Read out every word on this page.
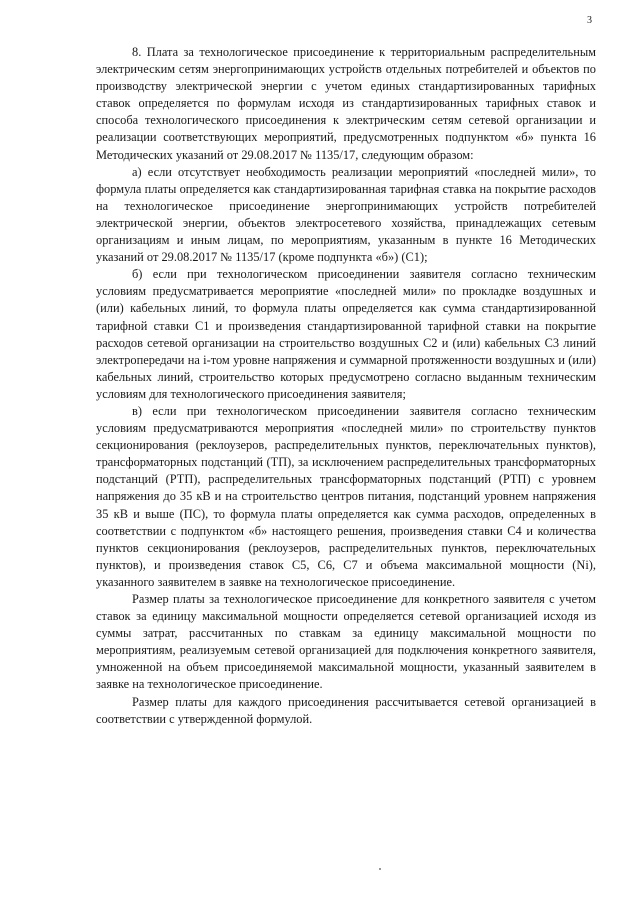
3

8. Плата за технологическое присоединение к территориальным распределительным электрическим сетям энергопринимающих устройств отдельных потребителей и объектов по производству электрической энергии с учетом единых стандартизированных тарифных ставок определяется по формулам исходя из стандартизированных тарифных ставок и способа технологического присоединения к электрическим сетям сетевой организации и реализации соответствующих мероприятий, предусмотренных подпунктом «б» пункта 16 Методических указаний от 29.08.2017 № 1135/17, следующим образом:

а) если отсутствует необходимость реализации мероприятий «последней мили», то формула платы определяется как стандартизированная тарифная ставка на покрытие расходов на технологическое присоединение энергопринимающих устройств потребителей электрической энергии, объектов электросетевого хозяйства, принадлежащих сетевым организациям и иным лицам, по мероприятиям, указанным в пункте 16 Методических указаний от 29.08.2017 № 1135/17 (кроме подпункта «б») (С1);

б) если при технологическом присоединении заявителя согласно техническим условиям предусматривается мероприятие «последней мили» по прокладке воздушных и (или) кабельных линий, то формула платы определяется как сумма стандартизированной тарифной ставки С1 и произведения стандартизированной тарифной ставки на покрытие расходов сетевой организации на строительство воздушных С2 и (или) кабельных С3 линий электропередачи на i-том уровне напряжения и суммарной протяженности воздушных и (или) кабельных линий, строительство которых предусмотрено согласно выданным техническим условиям для технологического присоединения заявителя;

в) если при технологическом присоединении заявителя согласно техническим условиям предусматриваются мероприятия «последней мили» по строительству пунктов секционирования (реклоузеров, распределительных пунктов, переключательных пунктов), трансформаторных подстанций (ТП), за исключением распределительных трансформаторных подстанций (РТП), распределительных трансформаторных подстанций (РТП) с уровнем напряжения до 35 кВ и на строительство центров питания, подстанций уровнем напряжения 35 кВ и выше (ПС), то формула платы определяется как сумма расходов, определенных в соответствии с подпунктом «б» настоящего решения, произведения ставки С4 и количества пунктов секционирования (реклоузеров, распределительных пунктов, переключательных пунктов), и произведения ставок С5, С6, С7 и объема максимальной мощности (Ni), указанного заявителем в заявке на технологическое присоединение.

Размер платы за технологическое присоединение для конкретного заявителя с учетом ставок за единицу максимальной мощности определяется сетевой организацией исходя из суммы затрат, рассчитанных по ставкам за единицу максимальной мощности по мероприятиям, реализуемым сетевой организацией для подключения конкретного заявителя, умноженной на объем присоединяемой максимальной мощности, указанный заявителем в заявке на технологическое присоединение.

Размер платы для каждого присоединения рассчитывается сетевой организацией в соответствии с утвержденной формулой.
